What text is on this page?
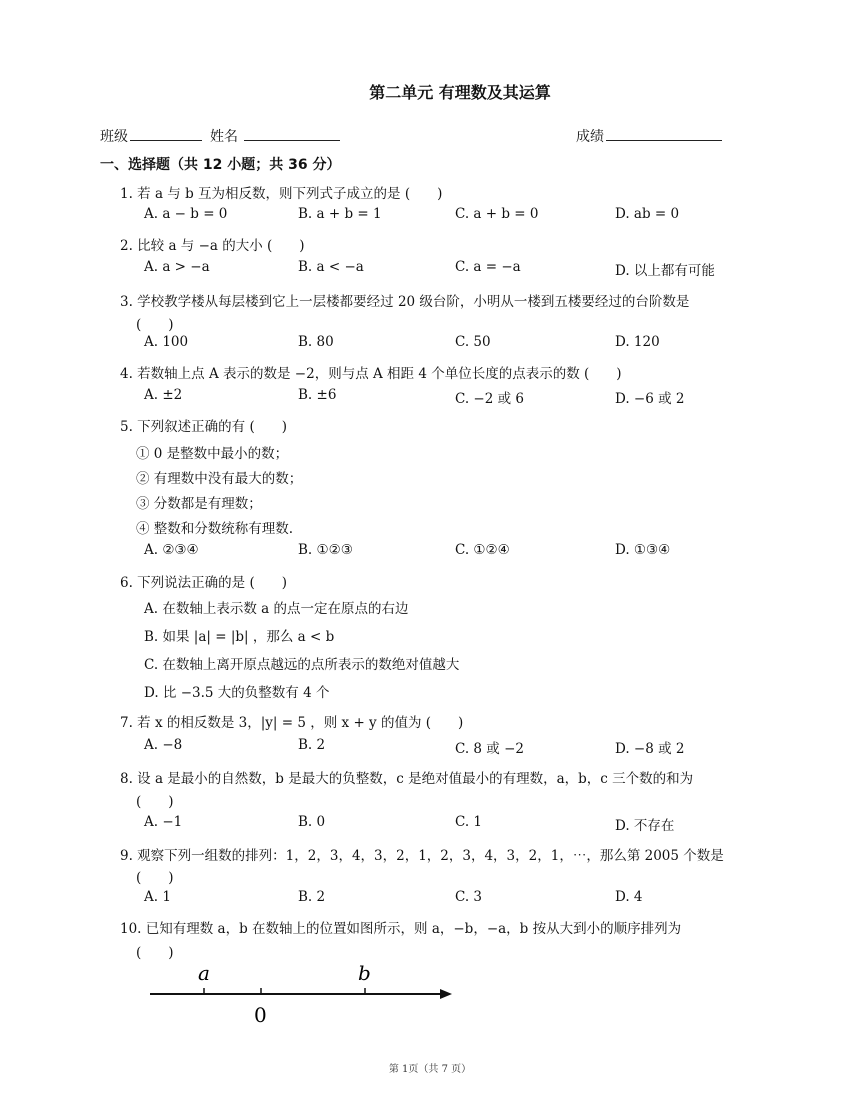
第二单元 有理数及其运算
班级	姓名	成绩
一、选择题（共 12 小题；共 36 分）
1. 若 a 与 b 互为相反数，则下列式子成立的是 (　　)
A. a − b = 0	B. a + b = 1	C. a + b = 0	D. ab = 0
2. 比较 a 与 −a 的大小 (　　)
A. a > −a	B. a < −a	C. a = −a	D. 以上都有可能
3. 学校教学楼从每层楼到它上一层楼都要经过 20 级台阶，小明从一楼到五楼要经过的台阶数是
(　　)
A. 100	B. 80	C. 50	D. 120
4. 若数轴上点 A 表示的数是 −2，则与点 A 相距 4 个单位长度的点表示的数 (　　)
A. ±2	B. ±6	C. −2 或 6	D. −6 或 2
5. 下列叙述正确的有 (　　)
① 0 是整数中最小的数；
② 有理数中没有最大的数；
③ 分数都是有理数；
④ 整数和分数统称有理数.
A. ②③④	B. ①②③	C. ①②④	D. ①③④
6. 下列说法正确的是 (　　)
A. 在数轴上表示数 a 的点一定在原点的右边
B. 如果 |a| = |b| ，那么 a < b
C. 在数轴上离开原点越远的点所表示的数绝对值越大
D. 比 −3.5 大的负整数有 4 个
7. 若 x 的相反数是 3，|y| = 5 ，则 x + y 的值为 (　　)
A. −8	B. 2	C. 8 或 −2	D. −8 或 2
8. 设 a 是最小的自然数，b 是最大的负整数，c 是绝对值最小的有理数，a，b，c 三个数的和为
(　　)
A. −1	B. 0	C. 1	D. 不存在
9. 观察下列一组数的排列：1，2，3，4，3，2，1，2，3，4，3，2，1，⋯，那么第 2005 个数是
(　　)
A. 1	B. 2	C. 3	D. 4
10. 已知有理数 a，b 在数轴上的位置如图所示，则 a，−b，−a，b 按从大到小的顺序排列为
(　　)
a
0
b
第 1页（共 7 页）
